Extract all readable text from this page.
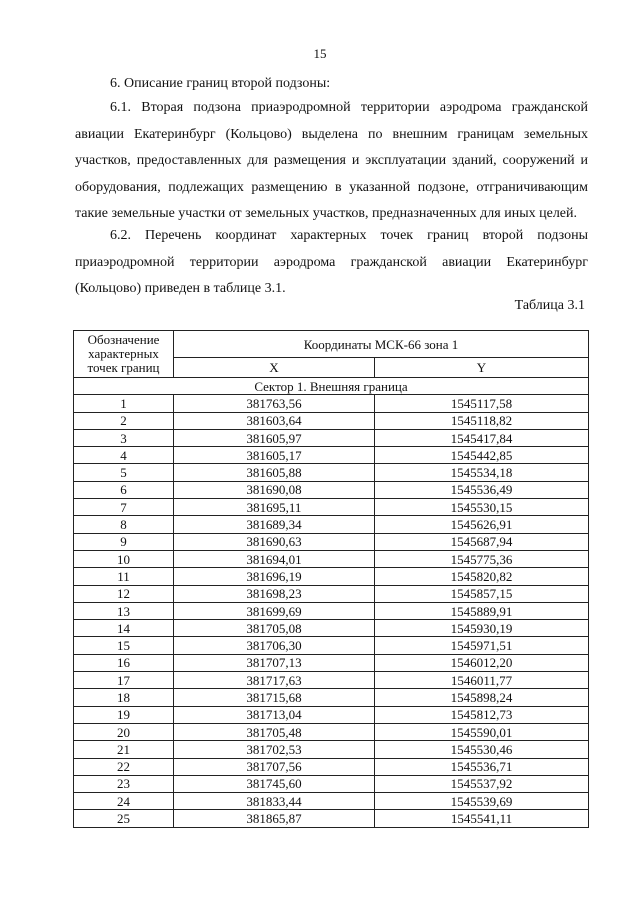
15
6. Описание границ второй подзоны:
6.1. Вторая подзона приаэродромной территории аэродрома гражданской авиации Екатеринбург (Кольцово) выделена по внешним границам земельных участков, предоставленных для размещения и эксплуатации зданий, сооружений и оборудования, подлежащих размещению в указанной подзоне, отграничивающим такие земельные участки от земельных участков, предназначенных для иных целей.
6.2. Перечень координат характерных точек границ второй подзоны приаэродромной территории аэродрома гражданской авиации Екатеринбург (Кольцово) приведен в таблице 3.1.
Таблица 3.1
Обозначение характерных точек границ	Координаты МСК-66 зона 1	
	X	Y
Сектор 1. Внешняя граница		
1	381763,56	1545117,58
2	381603,64	1545118,82
3	381605,97	1545417,84
4	381605,17	1545442,85
5	381605,88	1545534,18
6	381690,08	1545536,49
7	381695,11	1545530,15
8	381689,34	1545626,91
9	381690,63	1545687,94
10	381694,01	1545775,36
11	381696,19	1545820,82
12	381698,23	1545857,15
13	381699,69	1545889,91
14	381705,08	1545930,19
15	381706,30	1545971,51
16	381707,13	1546012,20
17	381717,63	1546011,77
18	381715,68	1545898,24
19	381713,04	1545812,73
20	381705,48	1545590,01
21	381702,53	1545530,46
22	381707,56	1545536,71
23	381745,60	1545537,92
24	381833,44	1545539,69
25	381865,87	1545541,11
